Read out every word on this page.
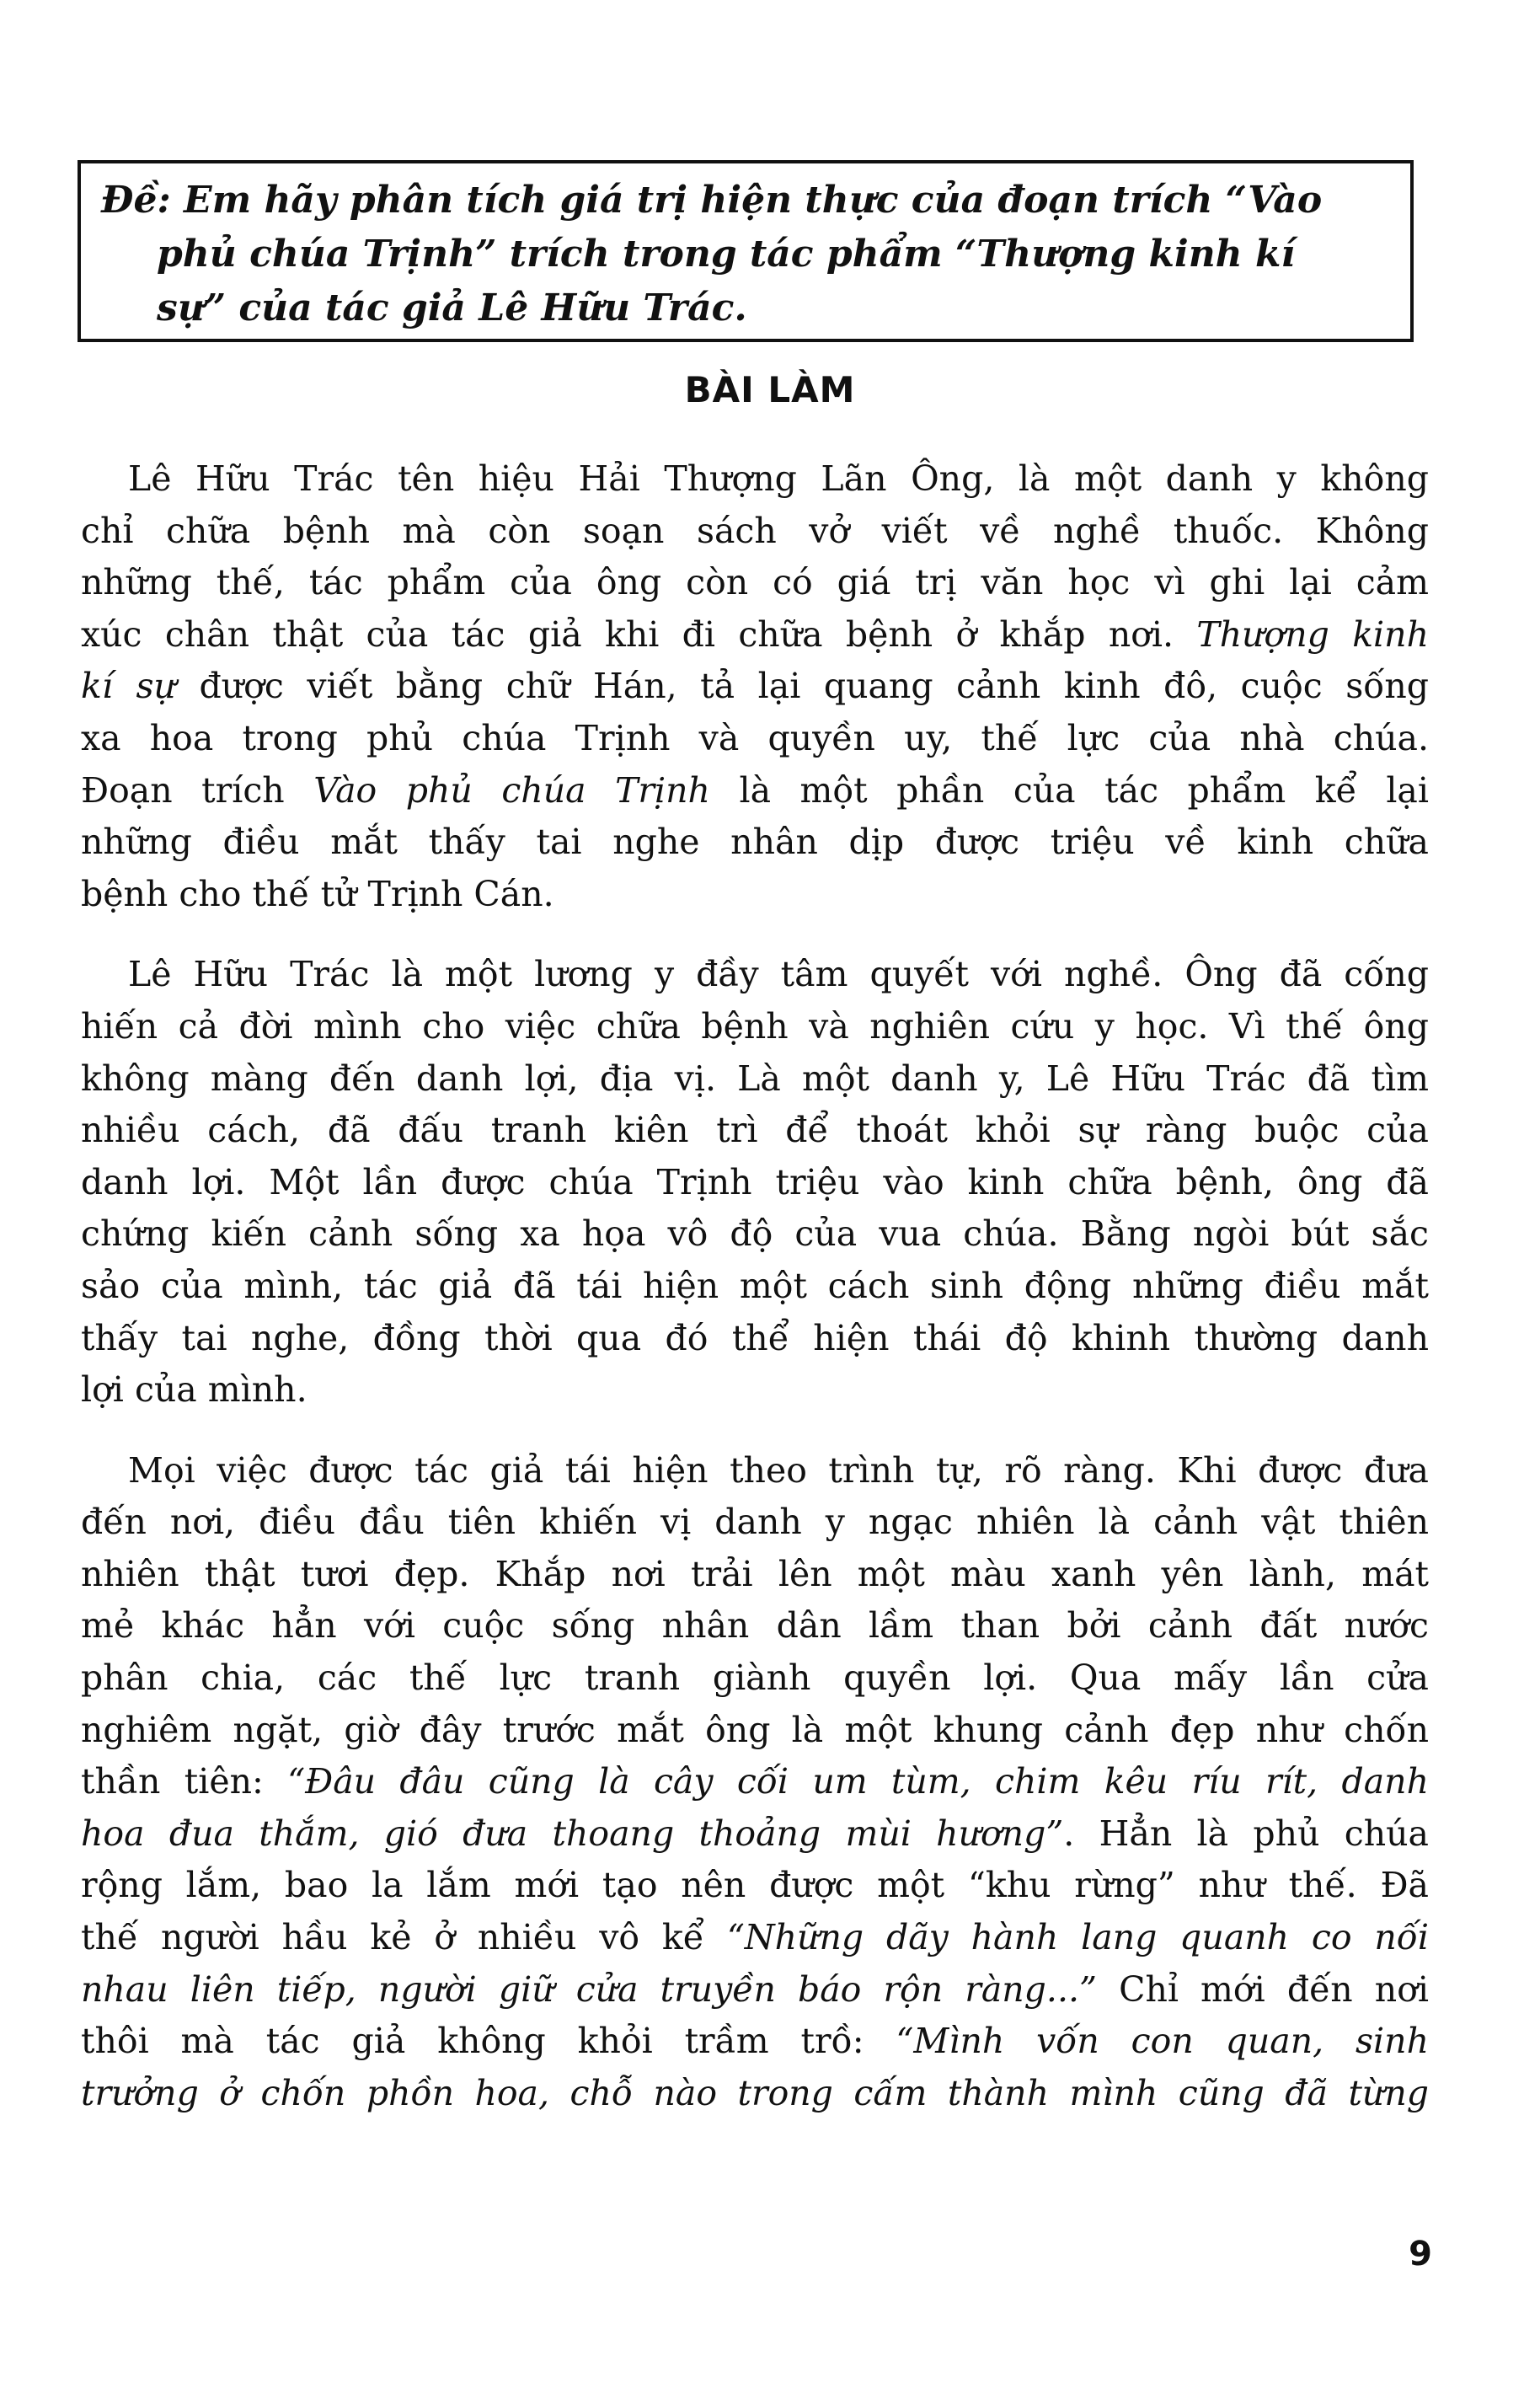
Đề: Em hãy phân tích giá trị hiện thực của đoạn trích “Vào
phủ chúa Trịnh” trích trong tác phẩm “Thượng kinh kí
sự” của tác giả Lê Hữu Trác.
BÀI LÀM
Lê Hữu Trác tên hiệu Hải Thượng Lãn Ông, là một danh y không
chỉ chữa bệnh mà còn soạn sách vở viết về nghề thuốc. Không
những thế, tác phẩm của ông còn có giá trị văn học vì ghi lại cảm
xúc chân thật của tác giả khi đi chữa bệnh ở khắp nơi. Thượng kinh
kí sự được viết bằng chữ Hán, tả lại quang cảnh kinh đô, cuộc sống
xa hoa trong phủ chúa Trịnh và quyền uy, thế lực của nhà chúa.
Đoạn trích Vào phủ chúa Trịnh là một phần của tác phẩm kể lại
những điều mắt thấy tai nghe nhân dịp được triệu về kinh chữa
bệnh cho thế tử Trịnh Cán.
Lê Hữu Trác là một lương y đầy tâm quyết với nghề. Ông đã cống
hiến cả đời mình cho việc chữa bệnh và nghiên cứu y học. Vì thế ông
không màng đến danh lợi, địa vị. Là một danh y, Lê Hữu Trác đã tìm
nhiều cách, đã đấu tranh kiên trì để thoát khỏi sự ràng buộc của
danh lợi. Một lần được chúa Trịnh triệu vào kinh chữa bệnh, ông đã
chứng kiến cảnh sống xa họa vô độ của vua chúa. Bằng ngòi bút sắc
sảo của mình, tác giả đã tái hiện một cách sinh động những điều mắt
thấy tai nghe, đồng thời qua đó thể hiện thái độ khinh thường danh
lợi của mình.
Mọi việc được tác giả tái hiện theo trình tự, rõ ràng. Khi được đưa
đến nơi, điều đầu tiên khiến vị danh y ngạc nhiên là cảnh vật thiên
nhiên thật tươi đẹp. Khắp nơi trải lên một màu xanh yên lành, mát
mẻ khác hẳn với cuộc sống nhân dân lầm than bởi cảnh đất nước
phân chia, các thế lực tranh giành quyền lợi. Qua mấy lần cửa
nghiêm ngặt, giờ đây trước mắt ông là một khung cảnh đẹp như chốn
thần tiên: “Đâu đâu cũng là cây cối um tùm, chim kêu ríu rít, danh
hoa đua thắm, gió đưa thoang thoảng mùi hương”. Hẳn là phủ chúa
rộng lắm, bao la lắm mới tạo nên được một “khu rừng” như thế. Đã
thế người hầu kẻ ở nhiều vô kể “Những dãy hành lang quanh co nối
nhau liên tiếp, người giữ cửa truyền báo rộn ràng...” Chỉ mới đến nơi
thôi mà tác giả không khỏi trầm trồ: “Mình vốn con quan, sinh
trưởng ở chốn phồn hoa, chỗ nào trong cấm thành mình cũng đã từng
9
